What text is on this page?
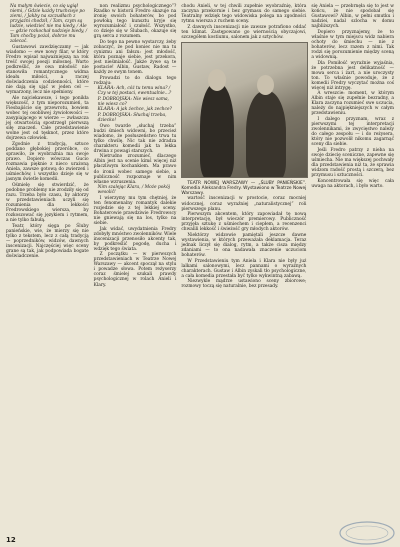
Na małym świecie, co się ugiął niemi, / Gdzie każdy truchcieje po ziemi, / Jakby na szczudłach z przyjaźni chodził, / Tam, czym są ludzie, wiedzieć nie ma kiedy, / Ale — gdzie rozkochał nadzieje biedy, / Tam choćby pożal, dobrze mu zalecać.

Gustawowi zawdzięczamy — jak wiadomo — ewe nowy filar, w który Fredro wpisał najważniejszą na rok treść swojej poezji miłosnej. Warto podkreślić, że owa młodość nie stanowiła romantycznego widma ideału miłości, a raczej doświadczenia codzienności, które nie dają się ująć w jeden cel — wymarzony, lecz nie spełniony.

Ale najciekawsze, i tego ponikła większość, z tym nieporozumień, ta Fiesbajiście się przewrotu, bowiem wobec tej osobliwej żywiołowości — zasypiającego w wierze — zwłaszcza jej otwartością spostrzegł pierwszą siłę znaczeń. Całe przedstawienie wolne jest od tęsknot, przez które dojrzewa człowiek.

Zgodnie z tradycją, sztuce poddano głębokiej przeróbce, co sprawiło, że wyobraźnia ma swoje prawo. Dopiero wówczas Gucio rozmawia pięknie z nieco urażoną Aniela, zawsze gotową do zwierzeń i uśmiechów, i wszystko dzieje się w jasnym świetle komedii.

Ośmielę się stwierdzić, że podobne problemy nie zrodziły się od razu. Trzeba było czasu, by aktorzy w przedstawieniach uczyli się rozumienia dla lekkości Fredrowskiego wiersza, by rozkoszować się językiem i rytmem, a nie tylko fabułą.

Teatr, który sięga po Śluby panieńskie, wie, że mierzy się nie tylko z tekstem, lecz z całą tradycją — poprzedników, widzów, dawnych inscenizacji. Najczęściej więc sceny grane są tak, jak podpowiada bogate doświadczenie.

non realizmu psychologicznego”? Rzadko w historii Fredro skazuje na ironię swoich bohaterów, bo pod powłoką tego kunsztu kryje się wyrozumiałość i czułość. Wszystko, co dzieje się w Ślubach, okazuje się grą serca z rozumem.

Do tego na pewno wystarczy, żeby zobaczyć, że pod koniec nie ma tu cynizmu ani fałszu: jest młodość, która poznaje siebie, jest przekora, jest nieśmiałość. Jakże żywe są te postacie! Albin, Gustaw, Radost — każdy ze swym tonem.

Prowadzi to do dialogu tego rodzaju:

KLARA: Ach, cóż tu temu wina? / Czy w tej postaci, ewentualnie...?

P. DOBROJSKA: Nie wiesz sama, nie wiesz co?

KLARA: A jak żechce, jak zechce?

P. DOBROJSKA: Słuchaj trzeba, dziecko!

Owo twarde „słuchaj trzeba” budzi śmiech widowni, bo przecież wiadomo, że posłuszeństwo trwa tu tylko chwilę. Nic tak nie zdradza charakteru komedii jak ta lekka drwina z powagi starszych.

Nietrudno zrozumieć, dlaczego Albin jest na scenie kimś więcej niż płaczliwym kochankiem. Ma prawo do ironii wobec samego siebie, a publiczność rozpoznaje w nim własne wzruszenia.

Nim szalejąc Klara, / Może pokój wesolić!

I wierzymy mu tym chętniej, że ten fenomenalny romantyk dalekie rozjedzie się z tej lekkiej sceny. Bohaterowie prawdziwie Fredrowscy nie gniewają się na los, tylko na siebie.

Jak widać, uwydatnienia Fredry zdobyły mnóstwo zwolenników. Wiele inscenizacji przenosiło akcenty tak, by podkreślić pogodę, ducha i wdzięk tego świata.

Z początku — w pierwszych przedstawieniach w Teatrze Nowej Warszawy — akcent spoczął na stylu i powadze słowa. Potem reżyserzy coraz śmielej szukali prawdy psychologicznej w rolach Anieli i Klary.

chodu Anieli, w tej chwili zupełnie wyobraźnię, która zaczyna przekornie i bez grymasu do samego siebie. Teatralny wdzięk tego widowiska polega na zgodności rytmu wiersza z ruchem sceny.

Z dawnych inscenizacji nie zawsze potrafiono oddać ten klimat. Zastępowano go wiernością obyczajowi, szczegółem kostiumu, salonem jak z sztychów.

TEATR NOWEJ WARSZAWY — „ŚLUBY PANIEŃSKIE”. Komedia Aleksandra Fredry. Wystawiono w Teatrze Nowej Warszawy.

wartość inscenizacji w prostocie, coraz mocniej widocznej, coraz wyraźniej „naturalistycznej” roli pierwszego planu.

Pierwszym akcentem, który zapowiadał tę nową interpretację, był wieczór premierowy. Publiczność przyjęła sztukę z uśmiechem i ciepłem, a recenzenci chwalili lekkość i świeżość gry młodych aktorów.

Niektórzy widzowie pamiętali jeszcze dawne wystawienia, w których przeważała deklamacja. Teraz jednak liczył się dialog, rytm, a także cisza między zdaniami — to ona nadawała znaczenie uczuciom bohaterów.

W Przedstawieniu tym Aniela i Klara nie były już lalkami salonowymi, lecz pannami o wyraźnych charakterach. Gustaw i Albin zyskali tło psychologiczne, a cała komedia przestała być tylko wykwintną zabawą.

Niezwykle mądrze ustawiono sceny zbiorowe; rozmowy toczą się naturalnie, bez przesady.

się Aniela — przebrnęła się to jest w końcu, że nie spodobał się Gustawowi? Albin, w pełni smutku i nadziei, nadal szlocha w domu najbliższych.

Dopiero przyznajemy, że to właśnie w tym miejscu widz nabiera ochoty do śmiechu — nie z bohaterów, lecz razem z nimi. Tak rodzi się porozumienie między sceną a widownią.

Dla Pomiłość wyraźnie wyjaśnia, że potrzebna jest delikatność — mowa serca i żart, a nie uroczysty ton. To właśnie powoduje, że z komedii Fredry wyczytać można coś więcej niż intrygę.

A wreszcie: moment, w którym Albin staje się zupełnie bezradny, a Klara zaczyna rozumieć swe uczucia, należy do najpiękniejszych w całym przedstawieniu.

I dalego przyznam, wraz z pierwszymi tej interpretacji zwolennikami, że zwycięstwo należy do całego zespołu — i do reżysera, który nie pozwolił nikomu zagarnąć sceny dla siebie.

Jeśli Fredro patrzy z nieba na swoje dziecię sceniczne, zapewne się uśmiecha. Nie ma większej pochwały dla przedstawienia niż ta, że sprawia widzom radość prostą i szczerą, bez przymusu i sztuczności.

Koncentrowała się więc cała uwaga na aktorach, i było warto.

12
